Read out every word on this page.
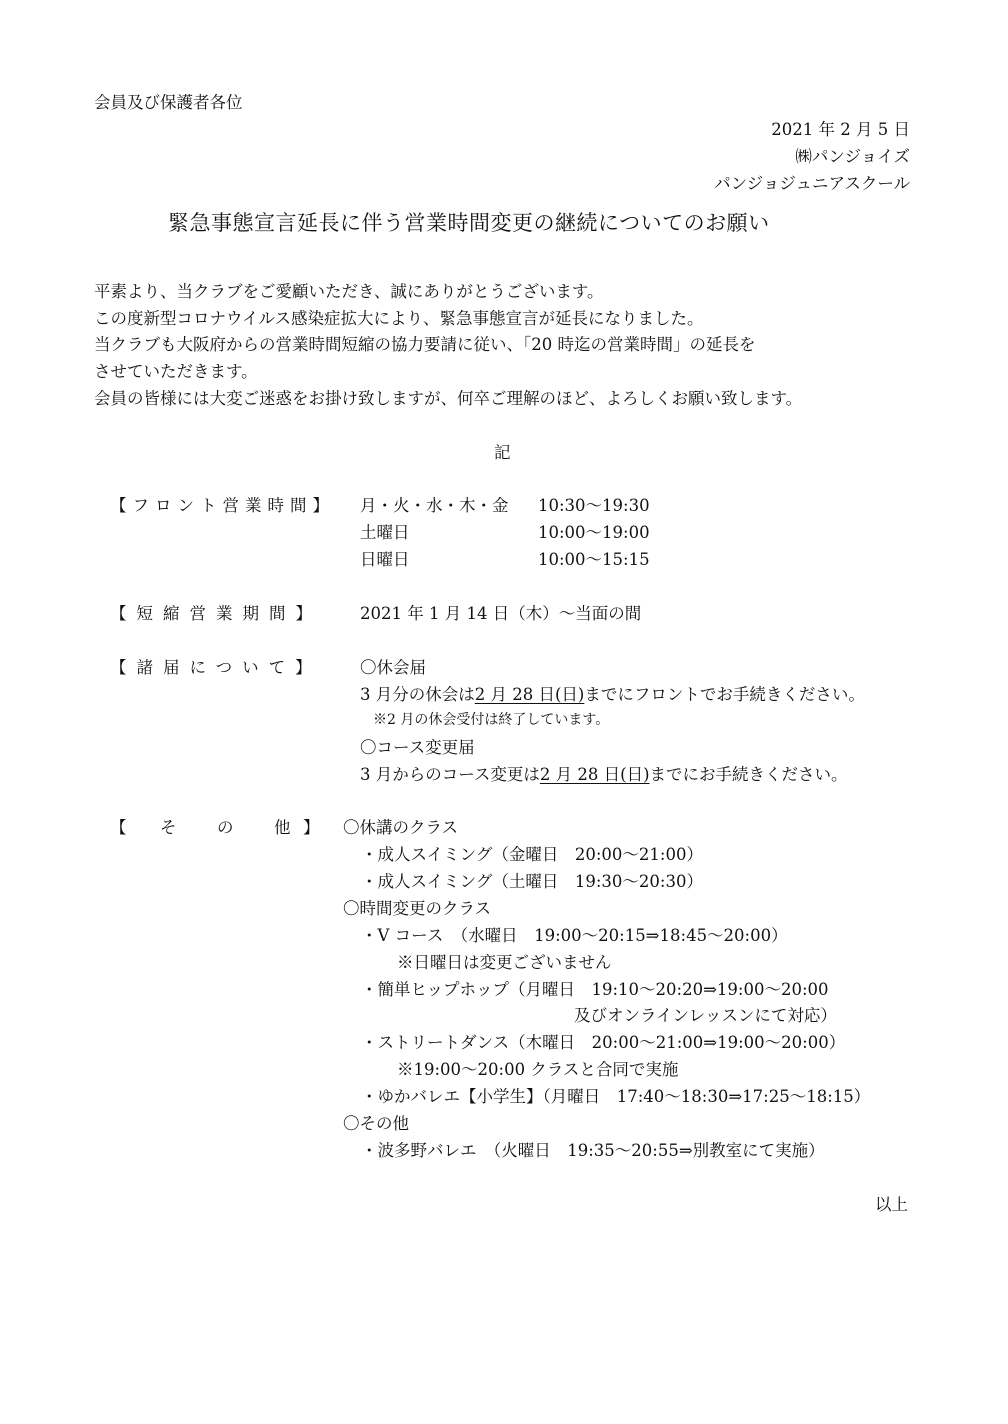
会員及び保護者各位
2021 年 2 月 5 日
㈱パンジョイズ
パンジョジュニアスクール
緊急事態宣言延長に伴う営業時間変更の継続についてのお願い
平素より、当クラブをご愛顧いただき、誠にありがとうございます。
この度新型コロナウイルス感染症拡大により、緊急事態宣言が延長になりました。
当クラブも大阪府からの営業時間短縮の協力要請に従い、「20 時迄の営業時間」の延長を
させていただきます。
会員の皆様には大変ご迷惑をお掛け致しますが、何卒ご理解のほど、よろしくお願い致します。
記
【フロント営業時間】 月・火・水・木・金 10:30〜19:30
土曜日	10:00〜19:00
日曜日	10:00〜15:15
【短縮営業期間】 2021 年 1 月 14 日（木）〜当面の間
【諸届について】 〇休会届
3 月分の休会は2 月 28 日(日)までにフロントでお手続きください。
※2 月の休会受付は終了しています。
〇コース変更届
3 月からのコース変更は2 月 28 日(日)までにお手続きください。
【 そ　の　他 】 〇休講のクラス
・成人スイミング（金曜日　20:00〜21:00）
・成人スイミング（土曜日　19:30〜20:30）
〇時間変更のクラス
・V コース　（水曜日　19:00〜20:15⇒18:45〜20:00）
※日曜日は変更ございません
・簡単ヒップホップ（月曜日　19:10〜20:20⇒19:00〜20:00
及びオンラインレッスンにて対応）
・ストリートダンス（木曜日　20:00〜21:00⇒19:00〜20:00）
※19:00〜20:00 クラスと合同で実施
・ゆかバレエ【小学生】（月曜日　17:40〜18:30⇒17:25〜18:15）
〇その他
・波多野バレエ　（火曜日　19:35〜20:55⇒別教室にて実施）
以上
